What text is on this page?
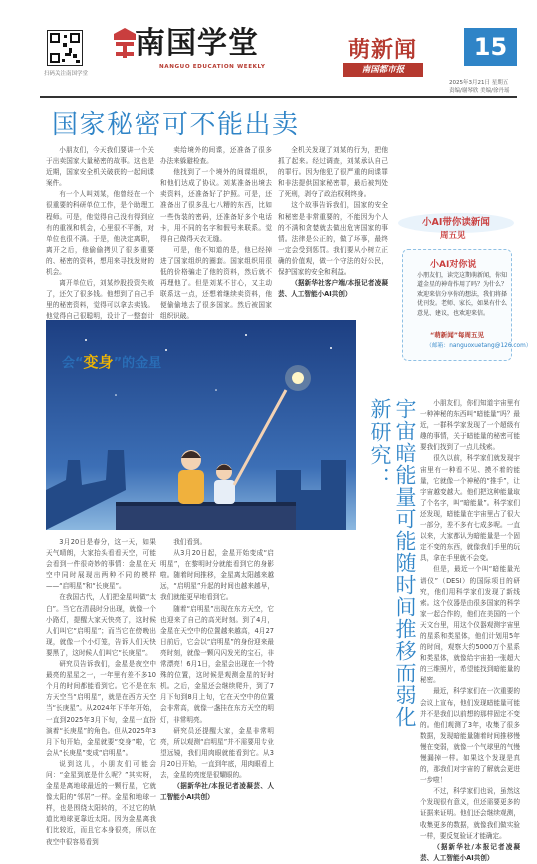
扫码关注南国学堂
南国学堂
NANGUO EDUCATION WEEKLY
萌新闻
南国都市报
15
2025年3月21日 星期五
责编/谢琴欣 美编/徐丹瑶
国家秘密可不能出卖

小朋友们，今天我们要讲一个关于出卖国家大量秘密的故事。这也是近期，国家安全机关破获的一起间谍案件。

有一个人叫刘某，他曾经在一个很重要的科研单位工作，是个助理工程师。可是，他觉得自己没有得到应有的重视和机会，心里很不平衡，对单位也很不满。于是，他决定离职，离开之后，他偷偷拷贝了很多重要的、秘密的资料，想用来寻找发财的机会。

离开单位后，刘某炒股投资失败了，还欠了很多钱。他想到了自己手里的秘密资料，觉得可以拿去卖钱。他觉得自己很聪明，设计了一整套计

卖给境外的间谍，还准备了很多办法来躲避检查。

他找到了一个境外的间谍组织，和他们达成了协议。刘某准备出境去卖资料，还准备好了护照。可是，还准备出了很多乱七八糟的东西，比如一些伪装的密码，还准备好多个电话卡，用不同的名字和假号来联系。觉得自己做得天衣无缝。

可是，他不知道的是，他已经掉进了国家组织的圈套。国家组织用很低的价格骗走了他的资料，然后就不再理他了。但是刘某不甘心，又主动联系这一点，还想着继续卖资料，他便偷偷地去了很多国家。然后被国家组织识破。

全机关发现了刘某的行为，把他抓了起来。经过调查，刘某承认自己的罪行。因为他犯了很严重的间谍罪和非法提供国家秘密罪，最后被判处了死刑，剥夺了政治权利终身。

这个故事告诉我们，国家的安全和秘密是非常重要的，不能因为个人的不满和贪婪就去做出危害国家的事情。法律是公正的，做了坏事，最终一定会受到惩罚。我们要从小树立正确的价值观，做一个守法的好公民，保护国家的安全和利益。

（据新华社客户端/本报记者凌凝芸、人工智能小AI共创）

小AI带你读新闻
周五见
小AI对你说
小朋友们，读完这期萌新闻，你知道金星的神奇作用了吗？为什么？欢迎来信分享你的想法，我们将择优刊发。老师、家长，如果有什么意见、建议，也欢迎来信。
“萌新闻”每周五见
（邮箱：nanguoxuetang@126.com）
会“变身”的金星
新研究： 宇宙暗能量可能随时间推移而弱化	小朋友们，你们知道宇宙里有一种神秘的东西叫“暗能量”吗？最近，一群科学家发现了一个超级有趣的事情，关于暗能量的秘密可能要我们找到了一点儿线索。

很久以前，科学家们就发现宇宙里有一种看不见、摸不着的能量，它就像一个神秘的“推手”，让宇宙越变越大。他们把这种能量取了个名字，叫“暗能量”。科学家们还发现，暗能量在宇宙里占了很大一部分，差不多有七成多呢。一直以来，大家都认为暗能量是一个固定不变的东西，就像我们手里的玩具，拿在手里就不会变。

但是，最近一个叫“暗能量光谱仪”（DESI）的国际项目的研究，他们用科学家们发现了新线索。这个仪器是由很多国家的科学家一起合作的，他们在美国的一个天文台里，用这个仪器观测宇宙里的星系和类星体，他们计划用5年的时间，观察大约5000万个星系和类星体，就像给宇宙拍一张超大的三维照片，希望能找到暗能量的秘密。

最近，科学家们在一次重要的会议上宣布，他们发现暗能量可能并不是我们以前想的那样固定不变的。他们观测了3年，收集了很多数据，发现暗能量随着时间推移慢慢在变弱，就像一个气球里的气慢慢漏掉一样。如果这个发现是真的，那我们对宇宙的了解就会更进一步啦！

不过，科学家们也说，虽然这个发现很有意义，但还需要更多的证据来证明。他们还会继续观测，收集更多的数据，就像我们做实验一样，要反复验证才能确定。

（据新华社/本报记者凌凝芸、人工智能小AI共创）

3月20日是春分，这一天，如果天气晴朗，大家抬头看看天空，可能会看到一件很奇妙的事情：金星在天空中同时展现出两种不同的模样——“启明星”和“长庚星”。

在我国古代，人们把金星叫做“太白”。当它在清晨时分出现，就像一个小路灯，提醒大家天快亮了，这时候人们叫它“启明星”；而当它在傍晚出现，就像一个小灯笼，告诉人们天快要黑了，这时候人们叫它“长庚星”。

研究员告诉我们，金星是夜空中最亮的星星之一，一年里有差不多10个月的时间都能看到它。它不是在东方天空当“启明星”，就是在西方天空当“长庚星”。从2024年下半年开始，一直到2025年3月下旬，金星一直扮演着“长庚星”的角色。但从2025年3月下旬开始，金星就要“变身”啦，它会从“长庚星”变成“启明星”。

说到这儿，小朋友们可能会问：“金星到底是什么呢？”其实呀，金星是离地球最近的一颗行星，它就像太阳的“邻居”一样。金星和地球一样，也是围绕太阳转的，不过它的轨道比地球更靠近太阳。因为金星离我们比较近，而且它本身很亮，所以在夜空中很容易看到

我们看到。

从3月20日起，金星开始变成“启明星”，在黎明时分就能看到它的身影啦。随着时间推移，金星离太阳越来越远，“启明星”升起的时间也越来越早，我们就能更早地看到它。

随着“启明星”出现在东方天空，它也迎来了自己的高光时刻。到了4月，金星在天空中的位置越来越高，4月27日前后，它会以“启明星”的身份迎来最亮时刻，就像一颗闪闪发光的宝石，非常漂亮！6月1日，金星会出现在一个特殊的位置，这时候是观测金星的好时机。之后，金星还会继续爬升，到了7月下旬到8月上旬，它在天空中的位置会非常高，就像一盏挂在东方天空的明灯，非常明亮。

研究员还提醒大家，金星非常明亮，所以观测“启明星”并不需要用专业望远镜，我们用肉眼就能看到它。从3月20日开始，一直到年底，用肉眼看上去，金星的亮度是很耀眼的。

（据新华社/本报记者凌凝芸、人工智能小AI共创）
